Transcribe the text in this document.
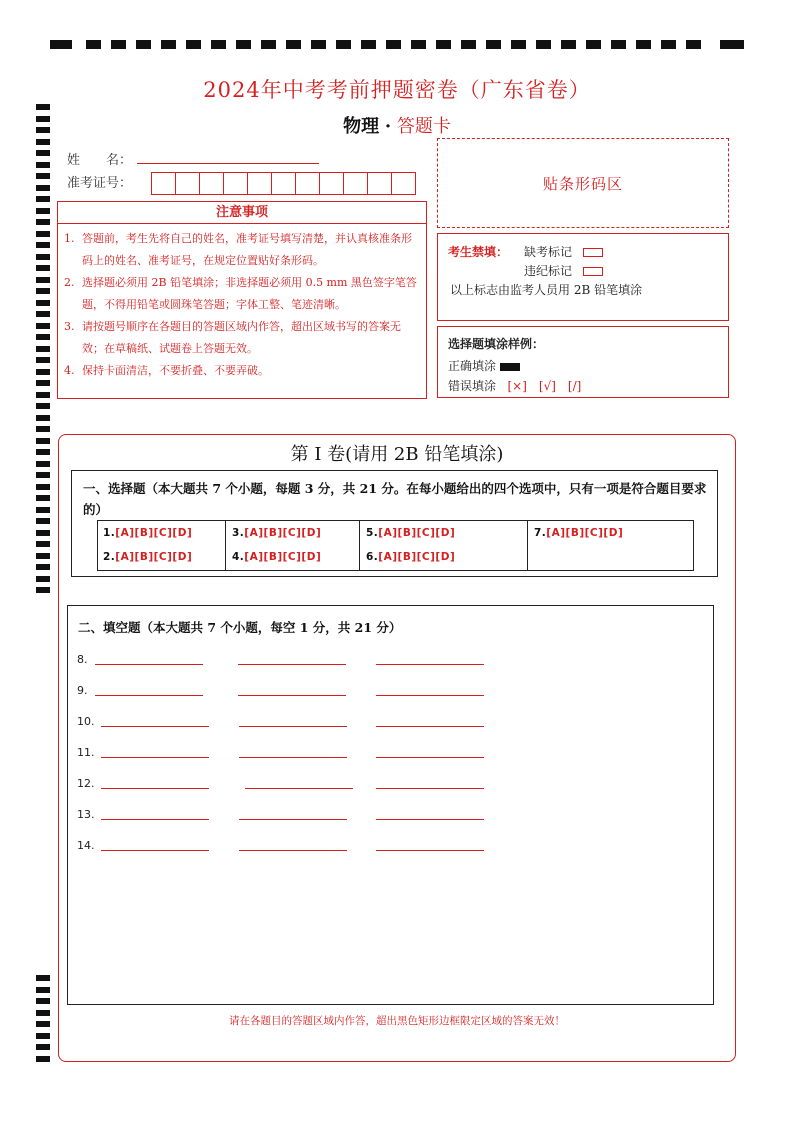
2024年中考考前押题密卷（广东省卷）
物理 · 答题卡
姓　　名：
准考证号：	贴条形码区
注意事项
1. 答题前，考生先将自己的姓名，准考证号填写清楚，并认真核准条形码上的姓名、准考证号，在规定位置贴好条形码。
2. 选择题必须用 2B 铅笔填涂；非选择题必须用 0.5 mm 黑色签字笔答题，不得用铅笔或圆珠笔答题；字体工整、笔迹清晰。
3. 请按题号顺序在各题目的答题区域内作答，超出区域书写的答案无效；在草稿纸、试题卷上答题无效。
4. 保持卡面清洁，不要折叠、不要弄破。
考生禁填： 缺考标记
违纪标记
以上标志由监考人员用 2B 铅笔填涂
选择题填涂样例：
正确填涂
错误填涂 [×]　[√]　[/]
第 I 卷(请用 2B 铅笔填涂)
一、选择题（本大题共 7 个小题，每题 3 分，共 21 分。在每小题给出的四个选项中，只有一项是符合题目要求的）
1.[A][B][C][D]
2.[A][B][C][D]
3.[A][B][C][D]
4.[A][B][C][D]
5.[A][B][C][D]
6.[A][B][C][D]
7.[A][B][C][D]
二、填空题（本大题共 7 个小题，每空 1 分，共 21 分）
8.
9.
10.
11.
12.
13.
14.
请在各题目的答题区域内作答，超出黑色矩形边框限定区域的答案无效！
